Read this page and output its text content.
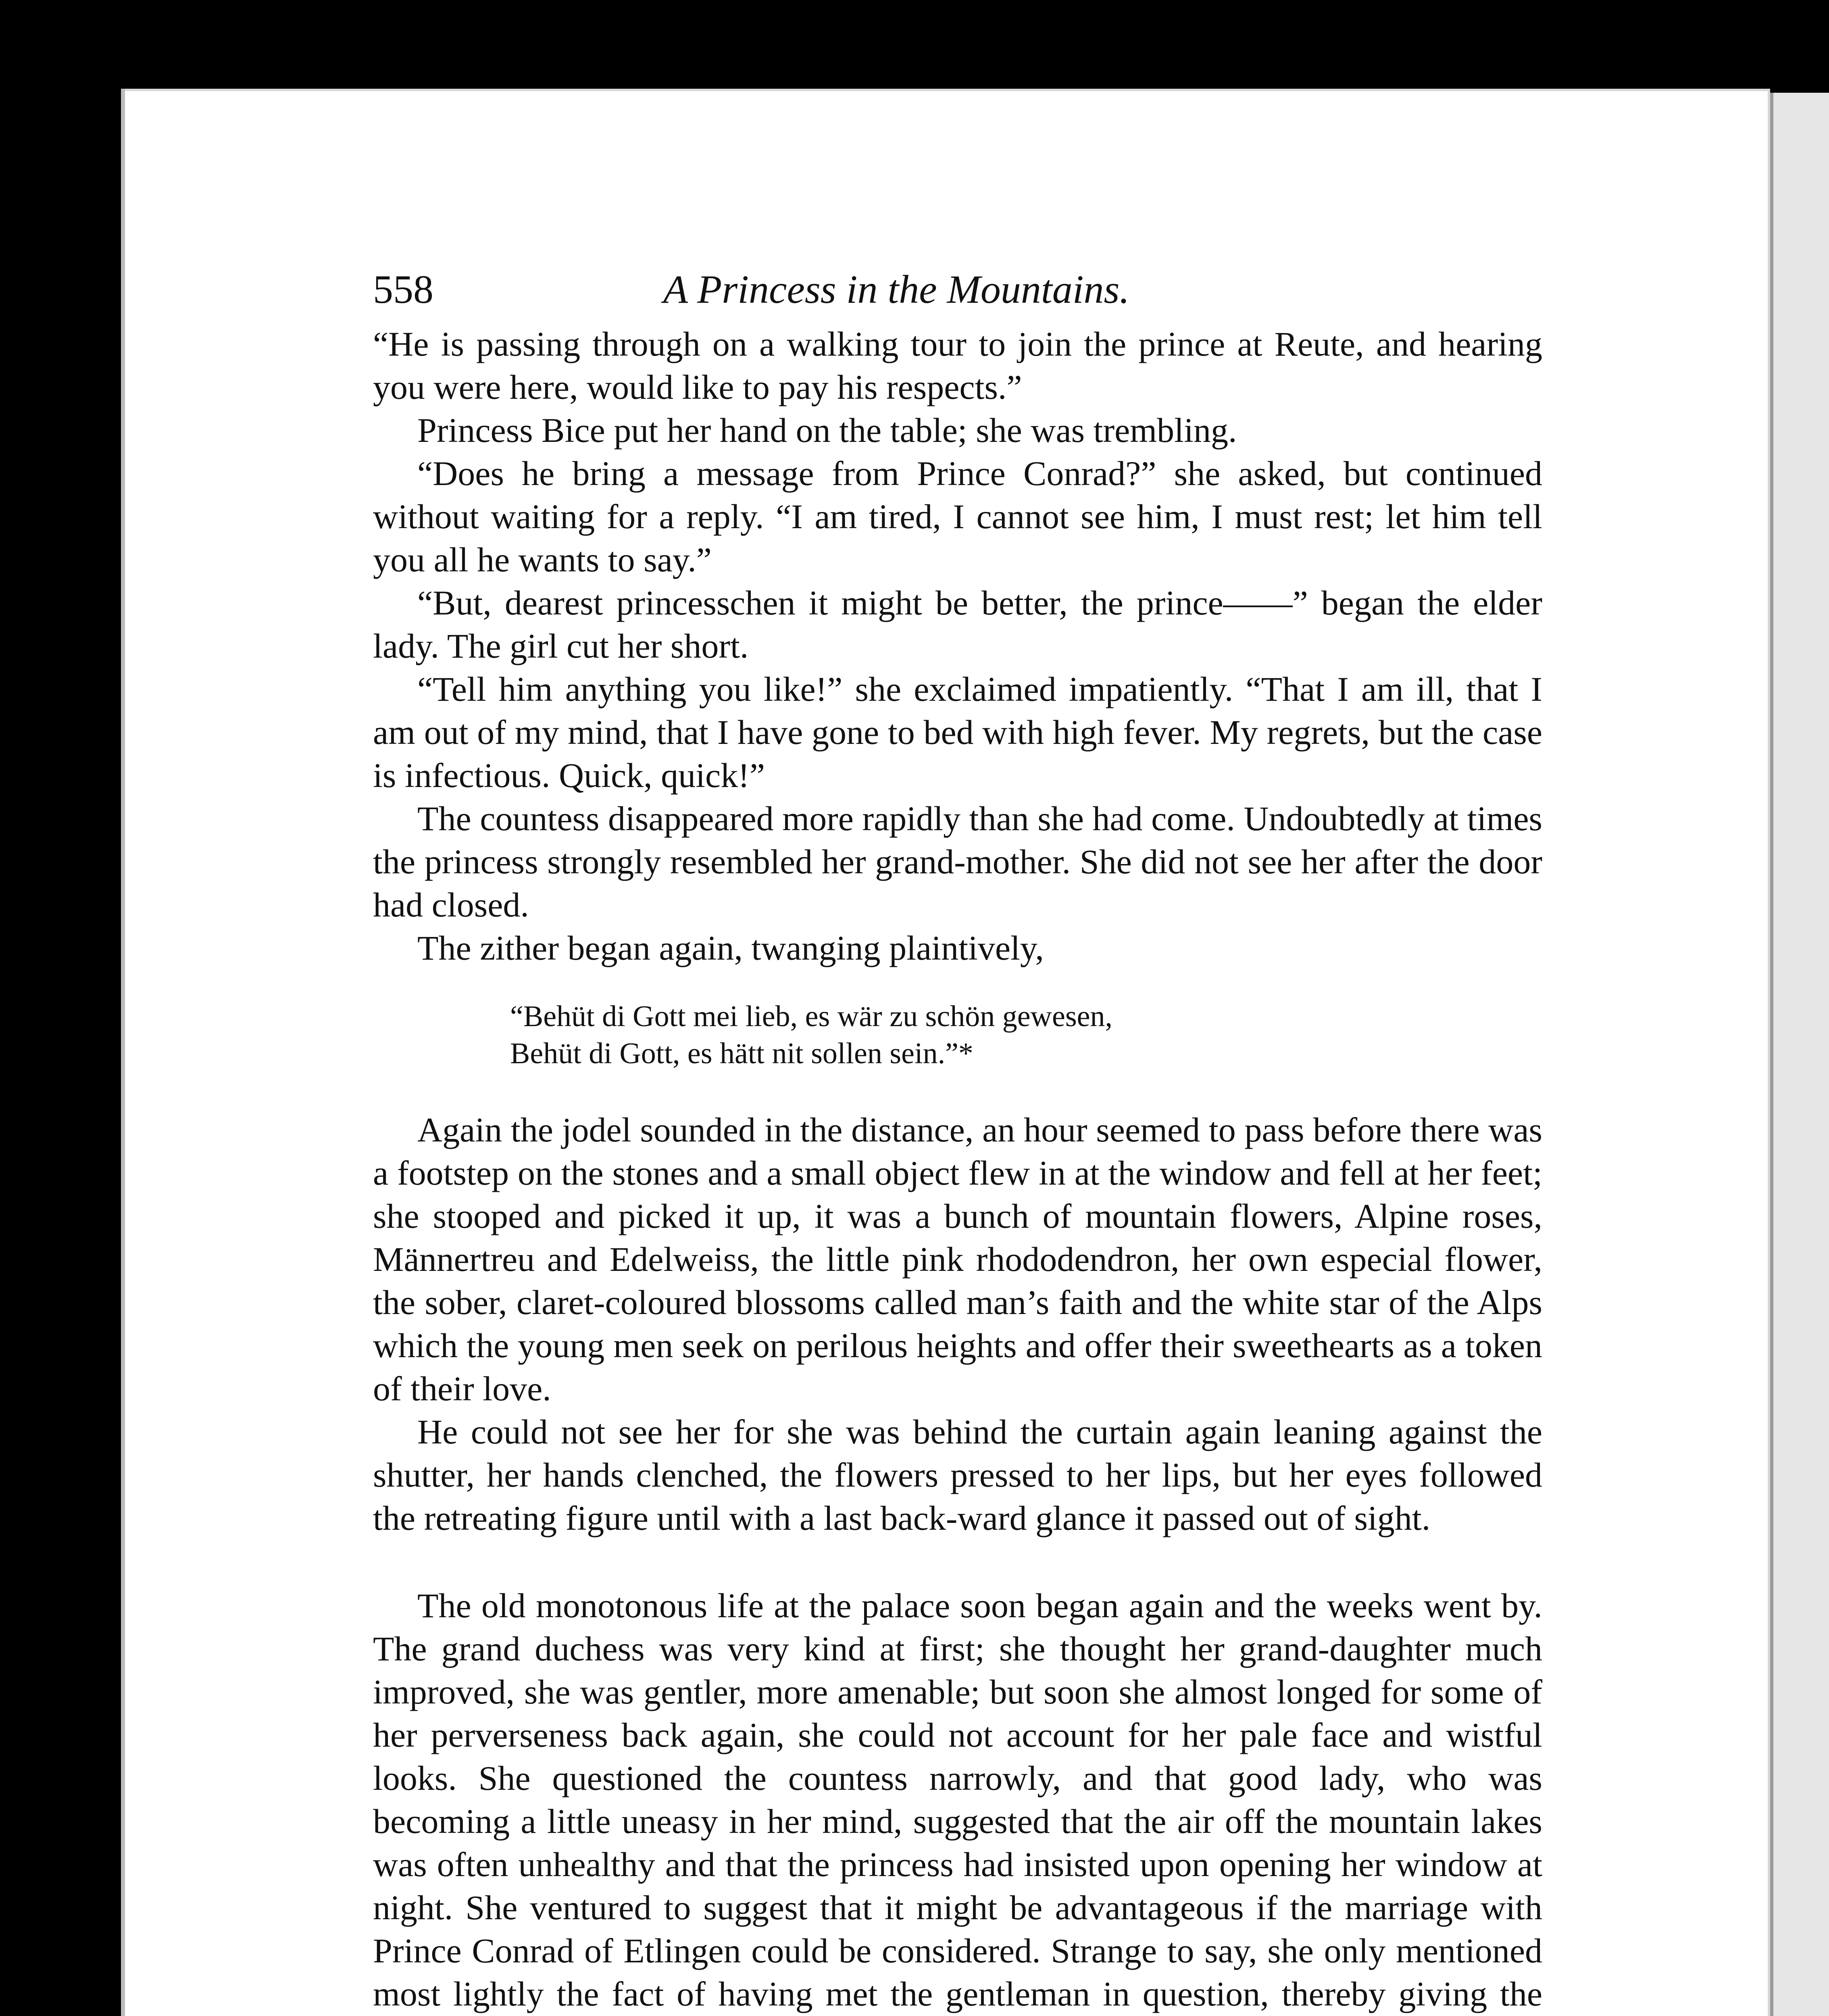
558	A Princess in the Mountains.

“He is passing through on a walking tour to join the prince at Reute, and hearing you were here, would like to pay his respects.”

Princess Bice put her hand on the table; she was trembling.

“Does he bring a message from Prince Conrad?” she asked, but continued without waiting for a reply. “I am tired, I cannot see him, I must rest; let him tell you all he wants to say.”

“But, dearest princesschen it might be better, the prince——” began the elder lady. The girl cut her short.

“Tell him anything you like!” she exclaimed impatiently. “That I am ill, that I am out of my mind, that I have gone to bed with high fever. My regrets, but the case is infectious. Quick, quick!”

The countess disappeared more rapidly than she had come. Undoubtedly at times the princess strongly resembled her grand-mother. She did not see her after the door had closed.

The zither began again, twanging plaintively,

“Behüt di Gott mei lieb, es wär zu schön gewesen,
Behüt di Gott, es hätt nit sollen sein.”*

Again the jodel sounded in the distance, an hour seemed to pass before there was a footstep on the stones and a small object flew in at the window and fell at her feet; she stooped and picked it up, it was a bunch of mountain flowers, Alpine roses, Männertreu and Edelweiss, the little pink rhododendron, her own especial flower, the sober, claret-coloured blossoms called man’s faith and the white star of the Alps which the young men seek on perilous heights and offer their sweethearts as a token of their love.

He could not see her for she was behind the curtain again leaning against the shutter, her hands clenched, the flowers pressed to her lips, but her eyes followed the retreating figure until with a last back-ward glance it passed out of sight.

The old monotonous life at the palace soon began again and the weeks went by. The grand duchess was very kind at first; she thought her grand-daughter much improved, she was gentler, more amenable; but soon she almost longed for some of her perverseness back again, she could not account for her pale face and wistful looks. She questioned the countess narrowly, and that good lady, who was becoming a little uneasy in her mind, suggested that the air off the mountain lakes was often unhealthy and that the princess had insisted upon opening her window at night. She ventured to suggest that it might be advantageous if the marriage with Prince Conrad of Etlingen could be considered. Strange to say, she only mentioned most lightly the fact of having met the gentleman in question, thereby giving the
